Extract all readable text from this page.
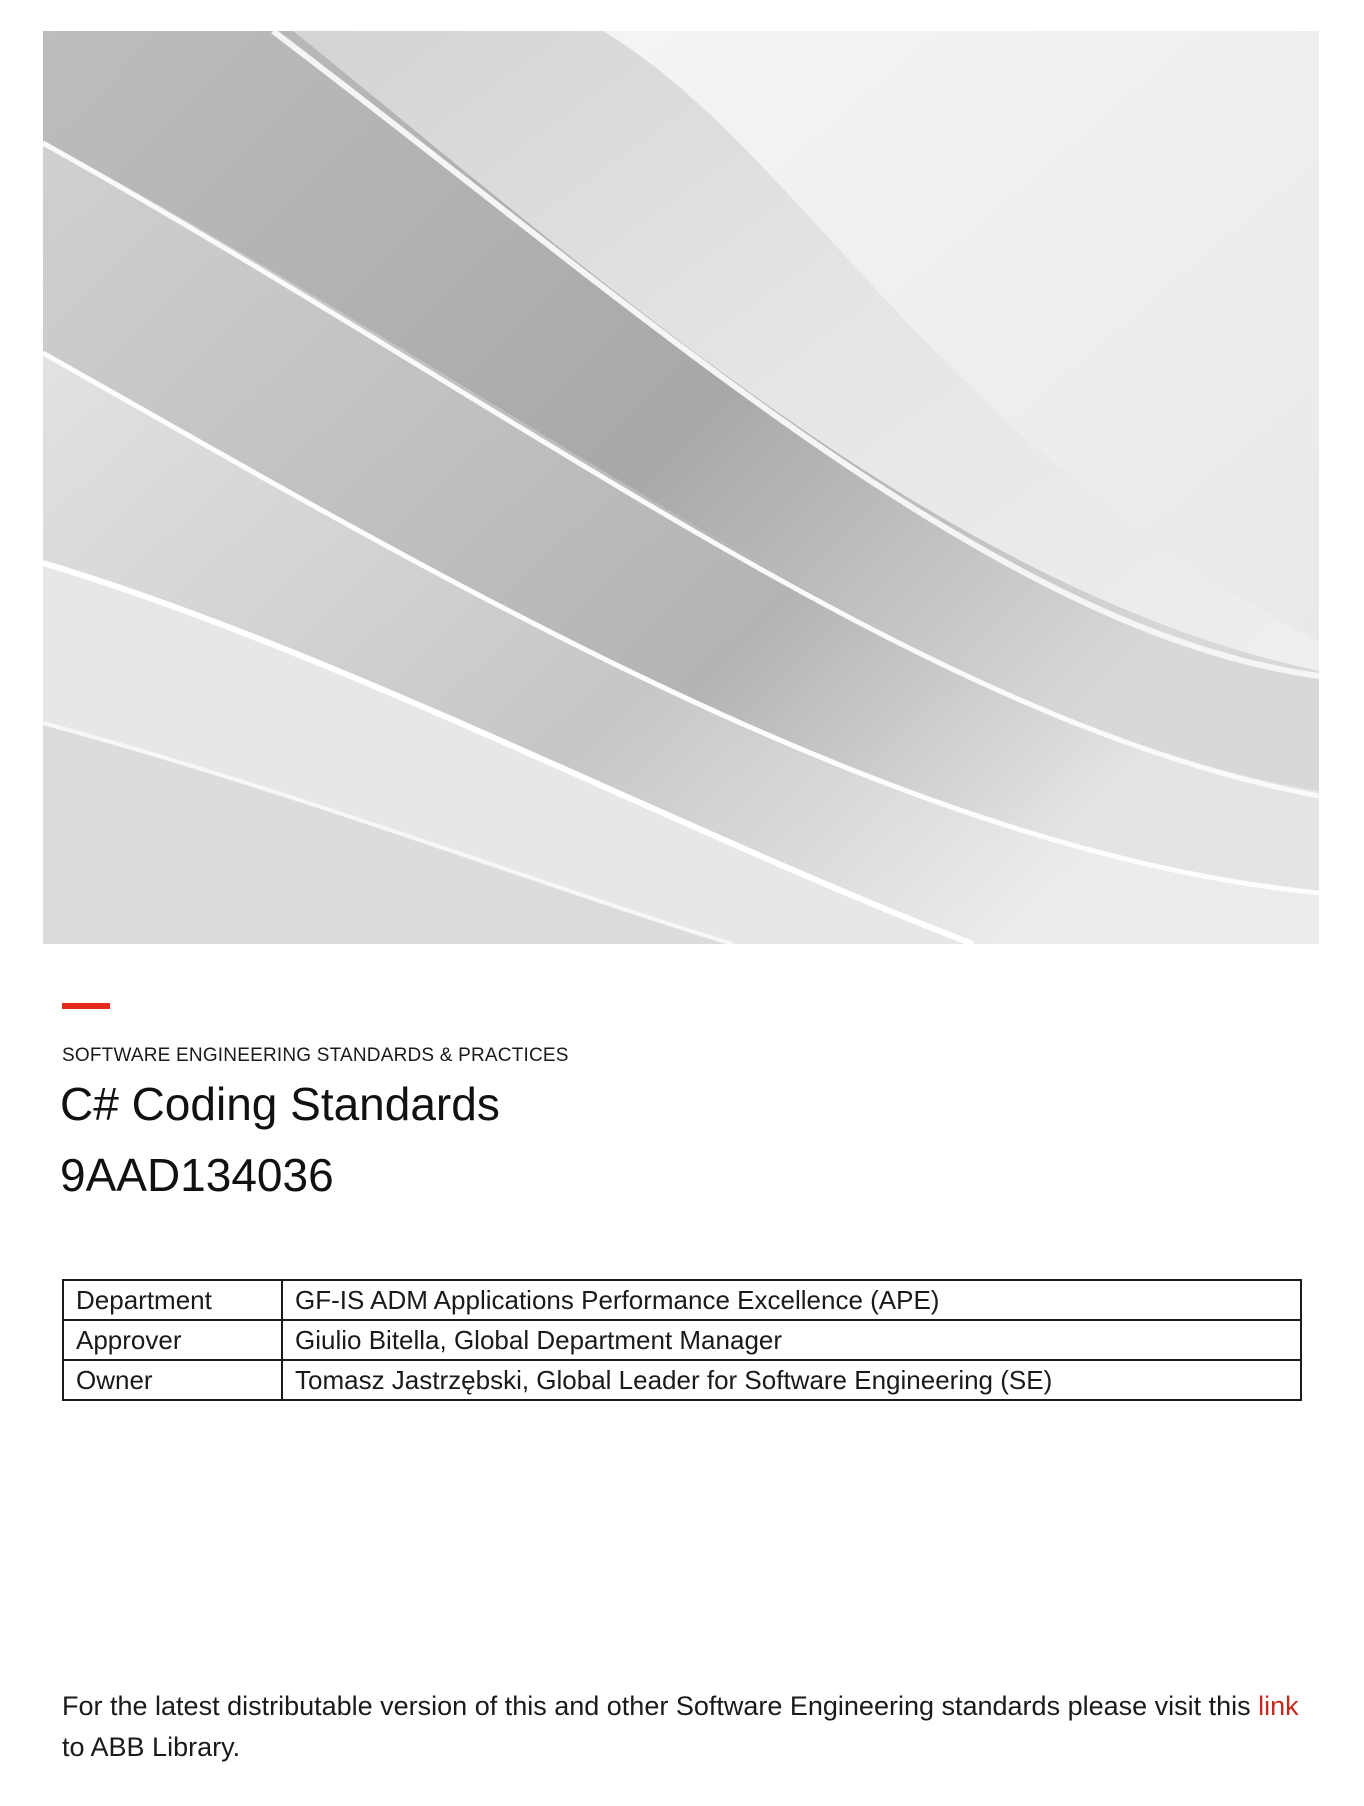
SOFTWARE ENGINEERING STANDARDS & PRACTICES
C# Coding Standards
9AAD134036
Department	GF-IS ADM Applications Performance Excellence (APE)
Approver	Giulio Bitella, Global Department Manager
Owner	Tomasz Jastrzębski, Global Leader for Software Engineering (SE)
For the latest distributable version of this and other Software Engineering standards please visit this link to ABB Library.
